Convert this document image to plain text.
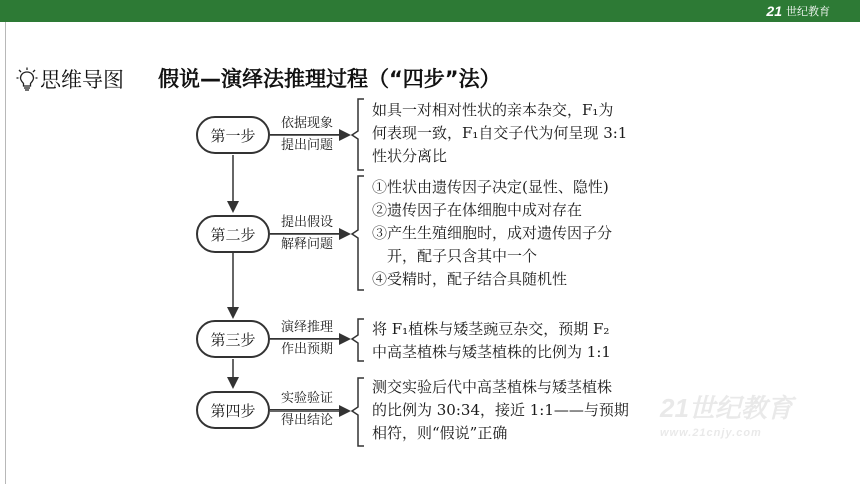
21 世纪教育
思维导图 假说—演绎法推理过程（“四步”法）
第一步
依据现象
提出问题
如具一对相对性状的亲本杂交，F₁为
何表现一致，F₁自交子代为何呈现 3:1
性状分离比
第二步
提出假设
解释问题
①性状由遗传因子决定(显性、隐性)
②遗传因子在体细胞中成对存在
③产生生殖细胞时，成对遗传因子分
　开，配子只含其中一个
④受精时，配子结合具随机性
第三步
演绎推理
作出预期
将 F₁植株与矮茎豌豆杂交，预期 F₂
中高茎植株与矮茎植株的比例为 1:1
第四步
实验验证
得出结论
测交实验后代中高茎植株与矮茎植株
的比例为 30:34，接近 1:1——与预期
相符，则“假说”正确
21世纪教育
www.21cnjy.com
